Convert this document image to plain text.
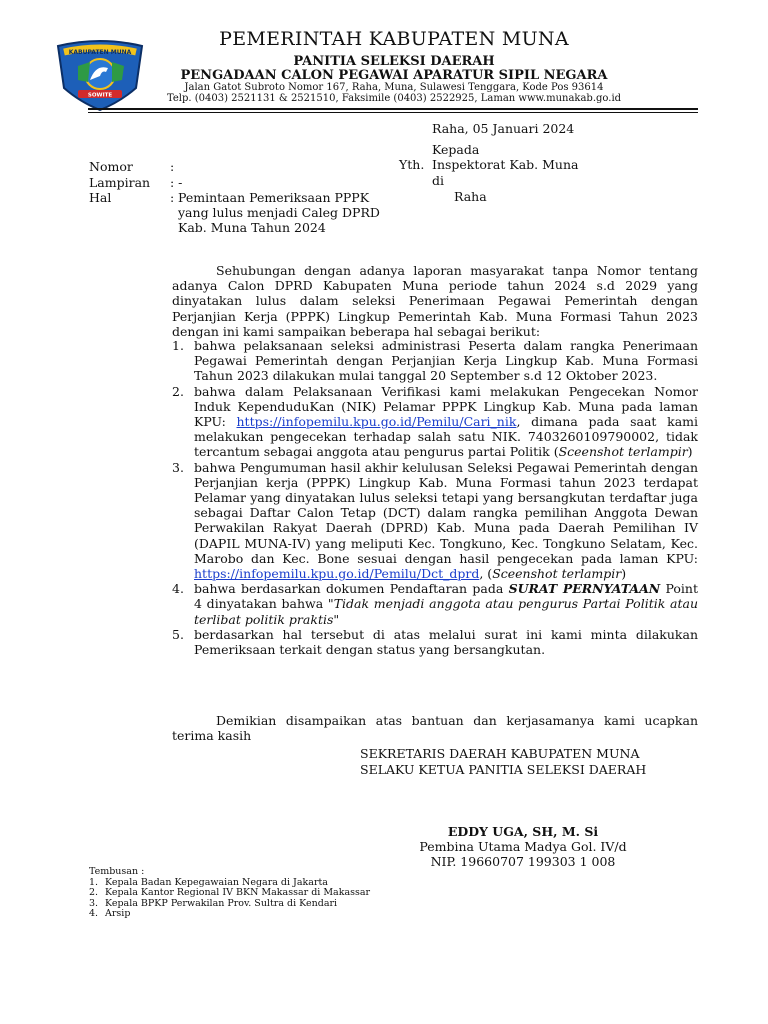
KABUPATEN MUNA
SOWITE
PEMERINTAH KABUPATEN MUNA
PANITIA SELEKSI DAERAH
PENGADAAN CALON PEGAWAI APARATUR SIPIL NEGARA
Jalan Gatot Subroto Nomor 167, Raha, Muna, Sulawesi Tenggara, Kode Pos 93614
Telp. (0403) 2521131 & 2521510, Faksimile (0403) 2522925, Laman www.munakab.go.id
Raha, 05 Januari 2024
Kepada
Yth. Inspektorat Kab. Muna
di
Raha
Nomor	:
Lampiran : -
Hal	: Pemintaan Pemeriksaan PPPK yang lulus menjadi Caleg DPRD Kab. Muna Tahun 2024
Sehubungan dengan adanya laporan masyarakat tanpa Nomor tentang adanya Calon DPRD Kabupaten Muna periode tahun 2024 s.d 2029 yang dinyatakan lulus dalam seleksi Penerimaan Pegawai Pemerintah dengan Perjanjian Kerja (PPPK) Lingkup Pemerintah Kab. Muna Formasi Tahun 2023 dengan ini kami sampaikan beberapa hal sebagai berikut:
1. bahwa pelaksanaan seleksi administrasi Peserta dalam rangka Penerimaan Pegawai Pemerintah dengan Perjanjian Kerja Lingkup Kab. Muna Formasi Tahun 2023 dilakukan mulai tanggal 20 September s.d 12 Oktober 2023.
2. bahwa dalam Pelaksanaan Verifikasi kami melakukan Pengecekan Nomor Induk KependuduKan (NIK) Pelamar PPPK Lingkup Kab. Muna pada laman KPU: https://infopemilu.kpu.go.id/Pemilu/Cari_nik, dimana pada saat kami melakukan pengecekan terhadap salah satu NIK. 7403260109790002, tidak tercantum sebagai anggota atau pengurus partai Politik (Sceenshot terlampir)
3. bahwa Pengumuman hasil akhir kelulusan Seleksi Pegawai Pemerintah dengan Perjanjian kerja (PPPK) Lingkup Kab. Muna Formasi tahun 2023 terdapat Pelamar yang dinyatakan lulus seleksi tetapi yang bersangkutan terdaftar juga sebagai Daftar Calon Tetap (DCT) dalam rangka pemilihan Anggota Dewan Perwakilan Rakyat Daerah (DPRD) Kab. Muna pada Daerah Pemilihan IV (DAPIL MUNA-IV) yang meliputi Kec. Tongkuno, Kec. Tongkuno Selatam, Kec. Marobo dan Kec. Bone sesuai dengan hasil pengecekan pada laman KPU: https://infopemilu.kpu.go.id/Pemilu/Dct_dprd, (Sceenshot terlampir)
4. bahwa berdasarkan dokumen Pendaftaran pada SURAT PERNYATAAN Point 4 dinyatakan bahwa "Tidak menjadi anggota atau pengurus Partai Politik atau terlibat politik praktis"
5. berdasarkan hal tersebut di atas melalui surat ini kami minta dilakukan Pemeriksaan terkait dengan status yang bersangkutan.
Demikian disampaikan atas bantuan dan kerjasamanya kami ucapkan terima kasih
SEKRETARIS DAERAH KABUPATEN MUNA
SELAKU KETUA PANITIA SELEKSI DAERAH
EDDY UGA, SH, M. Si
Pembina Utama Madya Gol. IV/d
NIP. 19660707 199303 1 008
Tembusan :
1. Kepala Badan Kepegawaian Negara di Jakarta
2. Kepala Kantor Regional IV BKN Makassar di Makassar
3. Kepala BPKP Perwakilan Prov. Sultra di Kendari
4. Arsip
